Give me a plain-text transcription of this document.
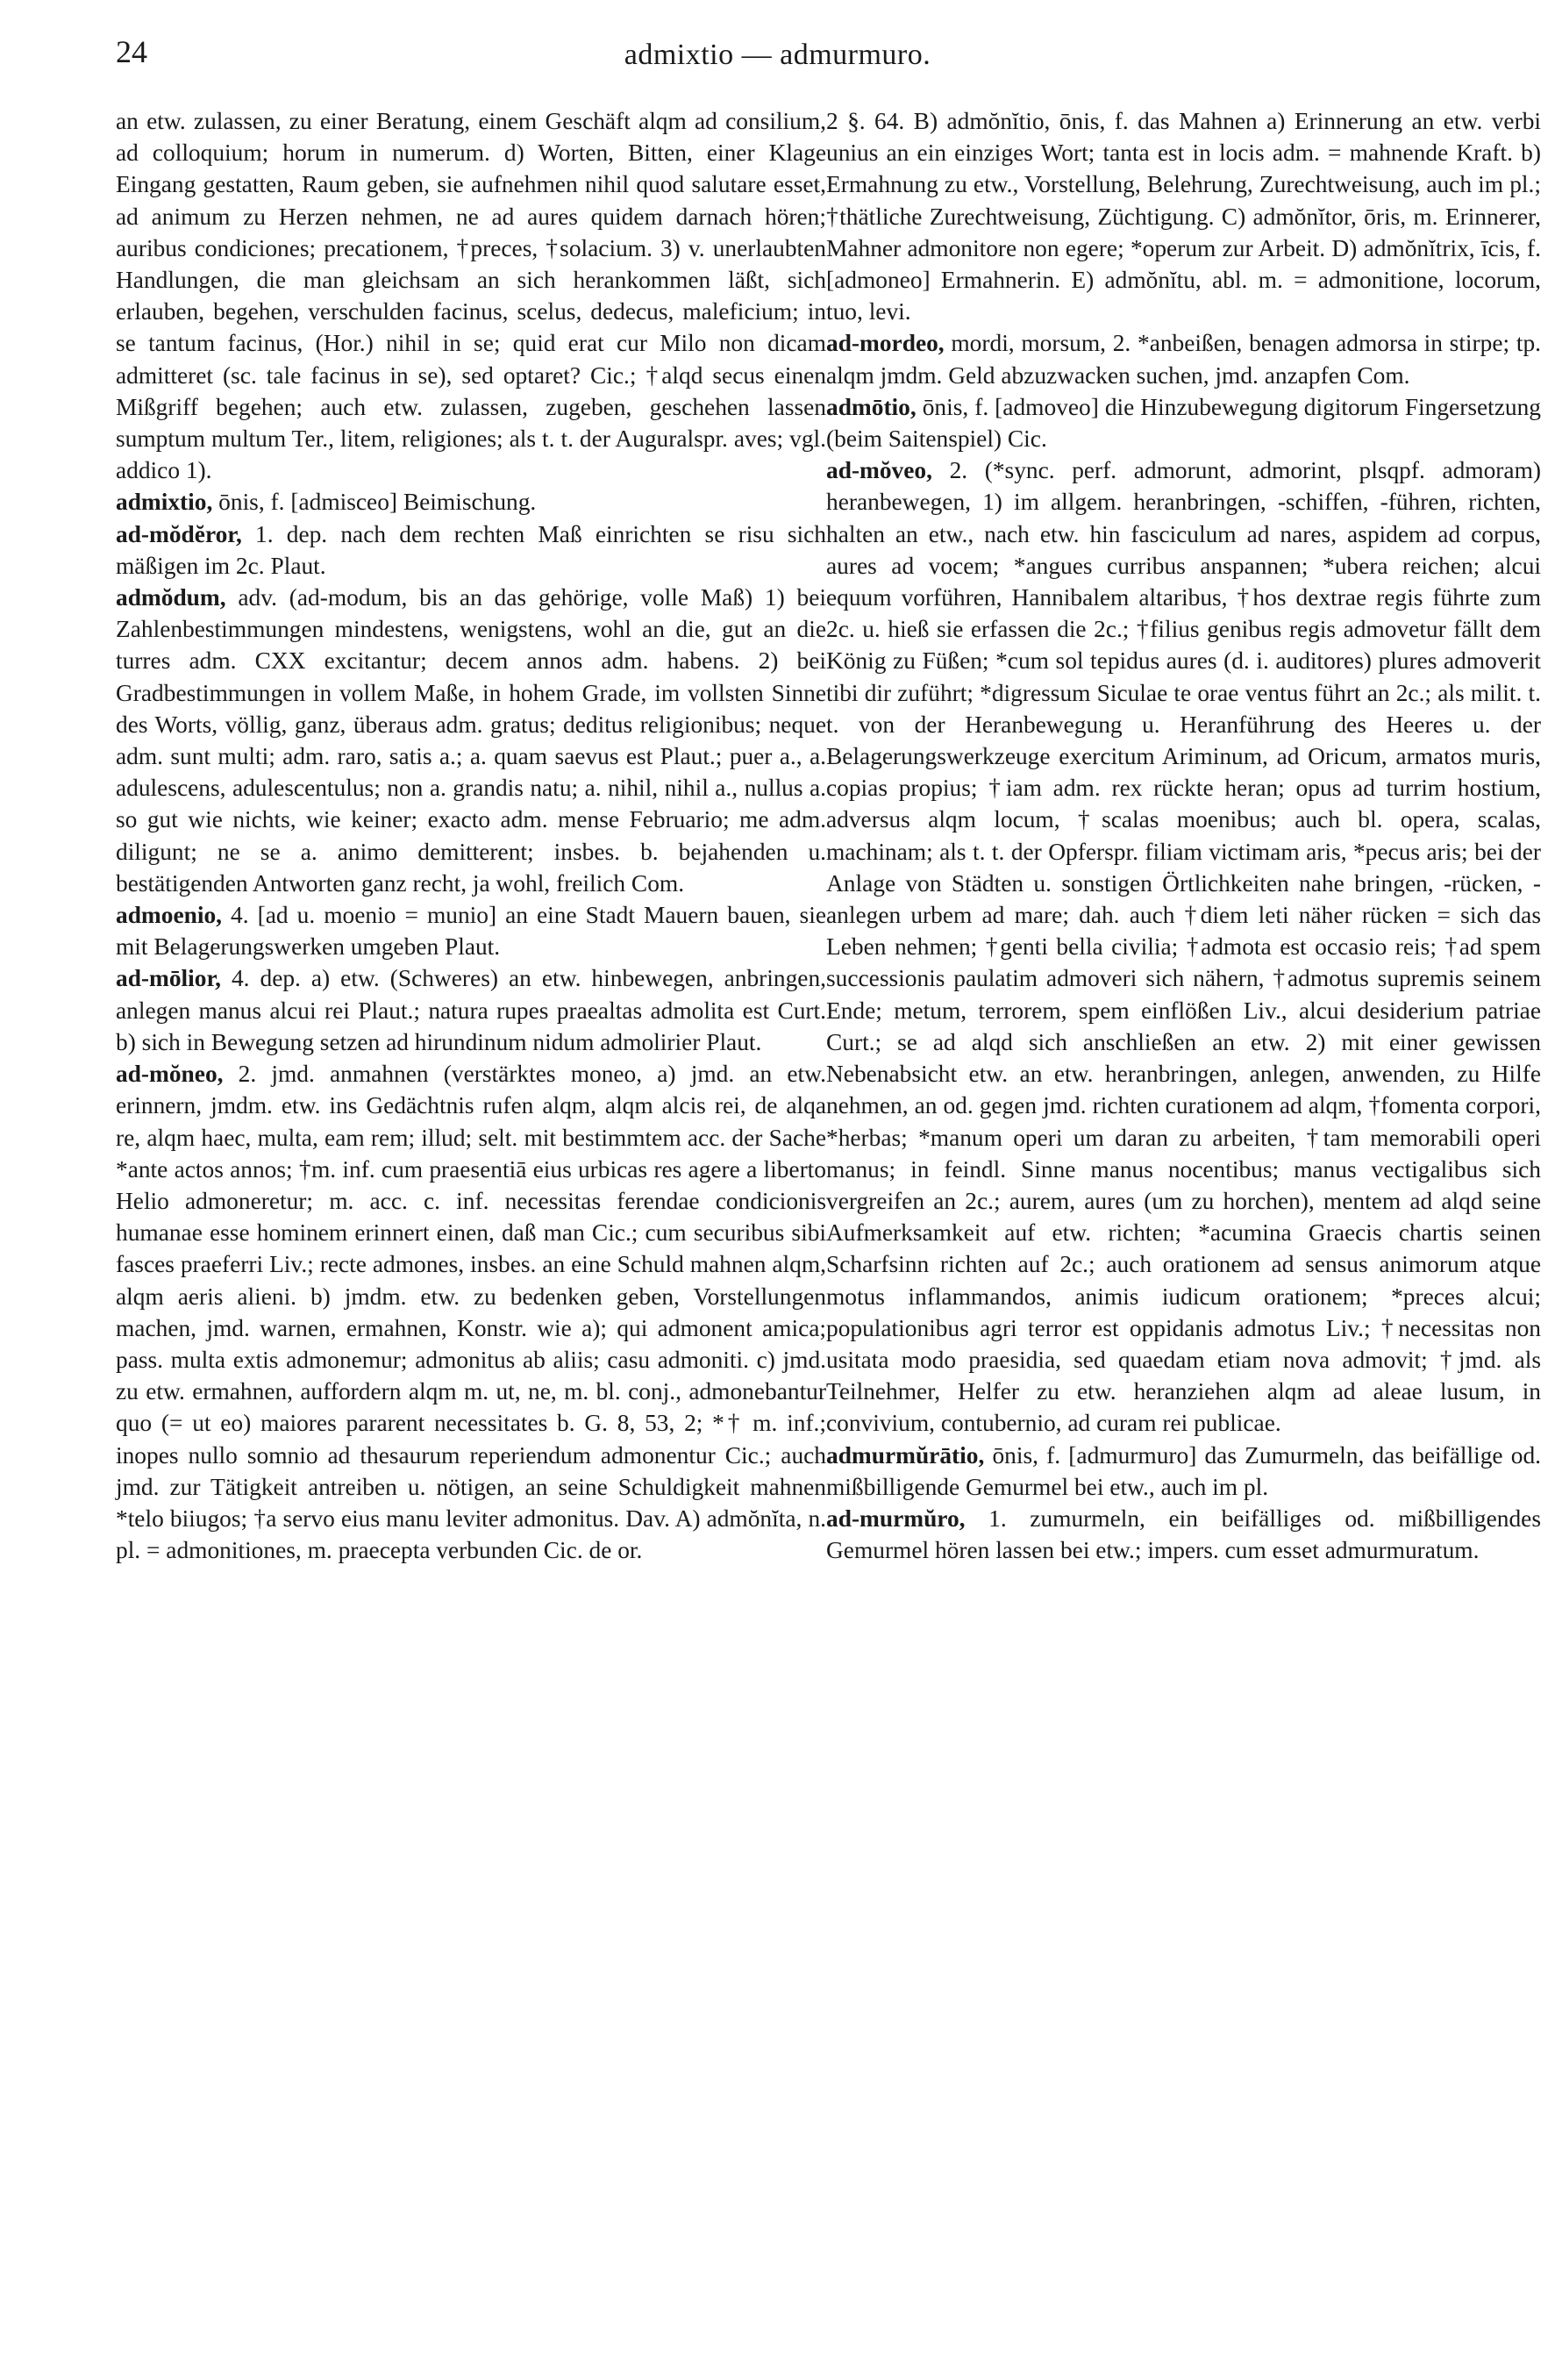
24	admixtio — admurmuro.

an etw. zulassen, zu einer Beratung, einem Geschäft alqm ad consilium, ad colloquium; horum in numerum. d) Worten, Bitten, einer Klage Eingang gestatten, Raum geben, sie aufnehmen nihil quod salutare esset, ad animum zu Herzen nehmen, ne ad aures quidem darnach hören; auribus condiciones; precationem, †preces, †solacium. 3) v. unerlaubten Handlungen, die man gleichsam an sich herankommen läßt, sich erlauben, begehen, verschulden facinus, scelus, dedecus, maleficium; in se tantum facinus, (Hor.) nihil in se; quid erat cur Milo non dicam admitteret (sc. tale facinus in se), sed optaret? Cic.; †alqd secus einen Mißgriff begehen; auch etw. zulassen, zugeben, geschehen lassen sumptum multum Ter., litem, religiones; als t. t. der Auguralspr. aves; vgl. addico 1).

admixtio, ōnis, f. [admisceo] Beimischung.

ad-mŏdĕror, 1. dep. nach dem rechten Maß einrichten se risu sich mäßigen im 2c. Plaut.

admŏdum, adv. (ad-modum, bis an das gehörige, volle Maß) 1) bei Zahlenbestimmungen mindestens, wenigstens, wohl an die, gut an die turres adm. CXX excitantur; decem annos adm. habens. 2) bei Gradbestimmungen in vollem Maße, in hohem Grade, im vollsten Sinne des Worts, völlig, ganz, überaus adm. gratus; deditus religionibus; neque adm. sunt multi; adm. raro, satis a.; a. quam saevus est Plaut.; puer a., a. adulescens, adulescentulus; non a. grandis natu; a. nihil, nihil a., nullus a. so gut wie nichts, wie keiner; exacto adm. mense Februario; me adm. diligunt; ne se a. animo demitterent; insbes. b. bejahenden u. bestätigenden Antworten ganz recht, ja wohl, freilich Com.

admoenio, 4. [ad u. moenio = munio] an eine Stadt Mauern bauen, sie mit Belagerungswerken umgeben Plaut.

ad-mōlior, 4. dep. a) etw. (Schweres) an etw. hinbewegen, anbringen, anlegen manus alcui rei Plaut.; natura rupes praealtas admolita est Curt. b) sich in Bewegung setzen ad hirundinum nidum admolirier Plaut.

ad-mŏneo, 2. jmd. anmahnen (verstärktes moneo, a) jmd. an etw. erinnern, jmdm. etw. ins Gedächtnis rufen alqm, alqm alcis rei, de alqa re, alqm haec, multa, eam rem; illud; selt. mit bestimmtem acc. der Sache *ante actos annos; †m. inf. cum praesentiā eius urbicas res agere a liberto Helio admoneretur; m. acc. c. inf. necessitas ferendae condicionis humanae esse hominem erinnert einen, daß man Cic.; cum securibus sibi fasces praeferri Liv.; recte admones, insbes. an eine Schuld mahnen alqm, alqm aeris alieni. b) jmdm. etw. zu bedenken geben, Vorstellungen machen, jmd. warnen, ermahnen, Konstr. wie a); qui admonent amica; pass. multa extis admonemur; admonitus ab aliis; casu admoniti. c) jmd. zu etw. ermahnen, auffordern alqm m. ut, ne, m. bl. conj., admonebantur quo (= ut eo) maiores pararent necessitates b. G. 8, 53, 2; *† m. inf.; inopes nullo somnio ad thesaurum reperiendum admonentur Cic.; auch jmd. zur Tätigkeit antreiben u. nötigen, an seine Schuldigkeit mahnen *telo biiugos; †a servo eius manu leviter admonitus. Dav. A) admŏnĭta, n. pl. = admonitiones, m. praecepta verbunden Cic. de or.

2 §. 64. B) admŏnĭtio, ōnis, f. das Mahnen a) Erinnerung an etw. verbi unius an ein einziges Wort; tanta est in locis adm. = mahnende Kraft. b) Ermahnung zu etw., Vorstellung, Belehrung, Zurechtweisung, auch im pl.; †thätliche Zurechtweisung, Züchtigung. C) admŏnĭtor, ōris, m. Erinnerer, Mahner admonitore non egere; *operum zur Arbeit. D) admŏnĭtrix, īcis, f. [admoneo] Ermahnerin. E) admŏnĭtu, abl. m. = admonitione, locorum, tuo, levi.

ad-mordeo, mordi, morsum, 2. *anbeißen, benagen admorsa in stirpe; tp. alqm jmdm. Geld abzuzwacken suchen, jmd. anzapfen Com.

admōtio, ōnis, f. [admoveo] die Hinzubewegung digitorum Fingersetzung (beim Saitenspiel) Cic.

ad-mŏveo, 2. (*sync. perf. admorunt, admorint, plsqpf. admoram) heranbewegen, 1) im allgem. heranbringen, -schiffen, -führen, richten, halten an etw., nach etw. hin fasciculum ad nares, aspidem ad corpus, aures ad vocem; *angues curribus anspannen; *ubera reichen; alcui equum vorführen, Hannibalem altaribus, †hos dextrae regis führte zum 2c. u. hieß sie erfassen die 2c.; †filius genibus regis admovetur fällt dem König zu Füßen; *cum sol tepidus aures (d. i. auditores) plures admoverit tibi dir zuführt; *digressum Siculae te orae ventus führt an 2c.; als milit. t. t. von der Heranbewegung u. Heranführung des Heeres u. der Belagerungswerkzeuge exercitum Ariminum, ad Oricum, armatos muris, copias propius; †iam adm. rex rückte heran; opus ad turrim hostium, adversus alqm locum, †scalas moenibus; auch bl. opera, scalas, machinam; als t. t. der Opferspr. filiam victimam aris, *pecus aris; bei der Anlage von Städten u. sonstigen Örtlichkeiten nahe bringen, -rücken, -anlegen urbem ad mare; dah. auch †diem leti näher rücken = sich das Leben nehmen; †genti bella civilia; †admota est occasio reis; †ad spem successionis paulatim admoveri sich nähern, †admotus supremis seinem Ende; metum, terrorem, spem einflößen Liv., alcui desiderium patriae Curt.; se ad alqd sich anschließen an etw. 2) mit einer gewissen Nebenabsicht etw. an etw. heranbringen, anlegen, anwenden, zu Hilfe nehmen, an od. gegen jmd. richten curationem ad alqm, †fomenta corpori, *herbas; *manum operi um daran zu arbeiten, †tam memorabili operi manus; in feindl. Sinne manus nocentibus; manus vectigalibus sich vergreifen an 2c.; aurem, aures (um zu horchen), mentem ad alqd seine Aufmerksamkeit auf etw. richten; *acumina Graecis chartis seinen Scharfsinn richten auf 2c.; auch orationem ad sensus animorum atque motus inflammandos, animis iudicum orationem; *preces alcui; populationibus agri terror est oppidanis admotus Liv.; †necessitas non usitata modo praesidia, sed quaedam etiam nova admovit; †jmd. als Teilnehmer, Helfer zu etw. heranziehen alqm ad aleae lusum, in convivium, contubernio, ad curam rei publicae.

admurmŭrātio, ōnis, f. [admurmuro] das Zumurmeln, das beifällige od. mißbilligende Gemurmel bei etw., auch im pl.

ad-murmŭro, 1. zumurmeln, ein beifälliges od. mißbilligendes Gemurmel hören lassen bei etw.; impers. cum esset admurmuratum.
